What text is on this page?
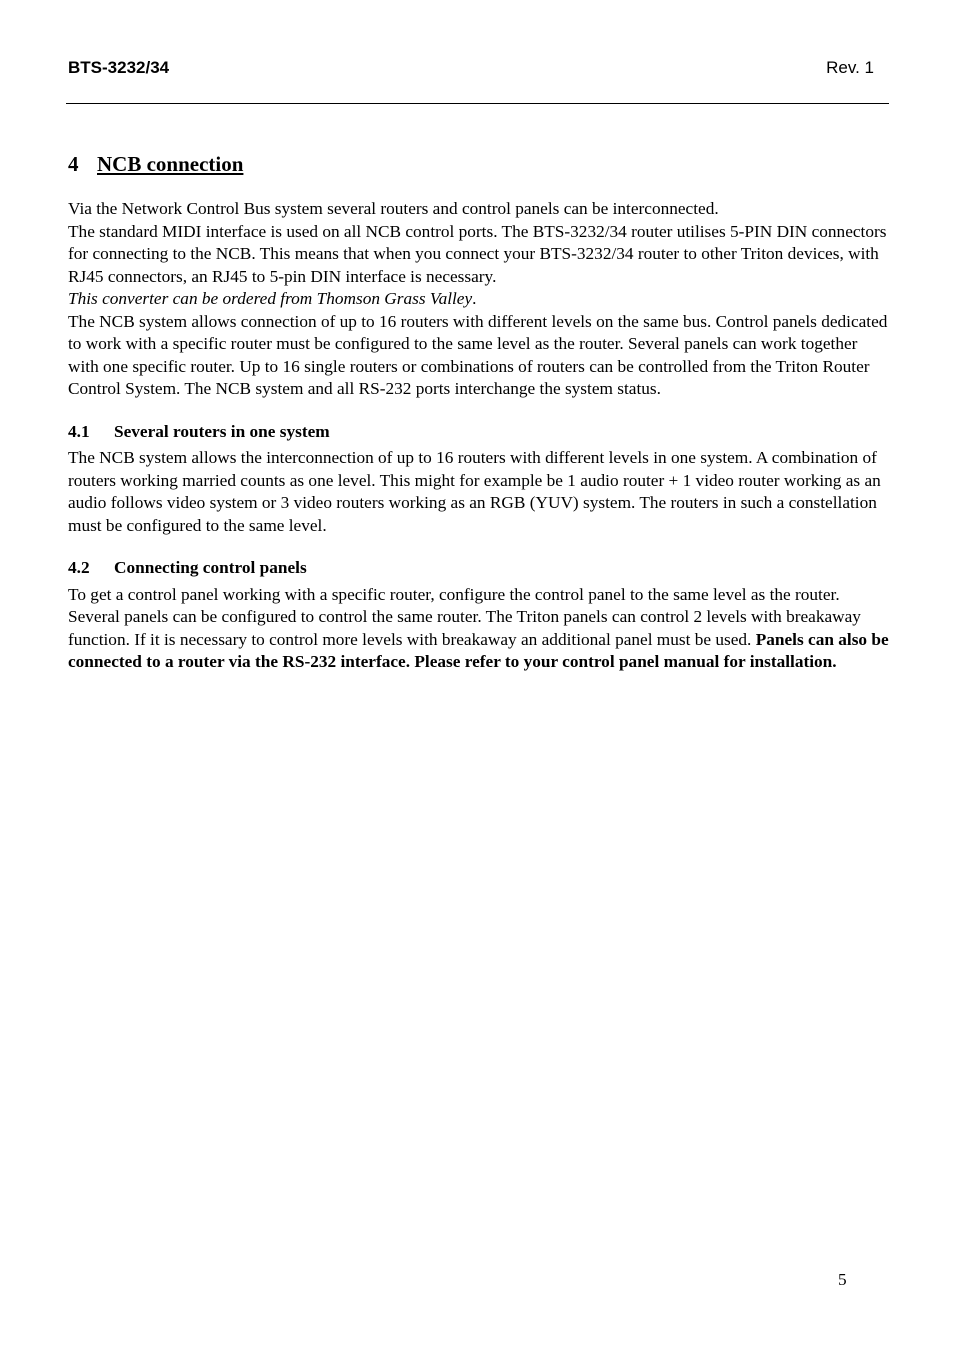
BTS-3232/34	Rev. 1
4 NCB connection

Via the Network Control Bus system several routers and control panels can be interconnected.
The standard MIDI interface is used on all NCB control ports. The BTS-3232/34 router utilises 5-PIN DIN connectors for connecting to the NCB. This means that when you connect your BTS-3232/34 router to other Triton devices, with RJ45 connectors, an RJ45 to 5-pin DIN interface is necessary.
This converter can be ordered from Thomson Grass Valley.
The NCB system allows connection of up to 16 routers with different levels on the same bus. Control panels dedicated to work with a specific router must be configured to the same level as the router. Several panels can work together with one specific router. Up to 16 single routers or combinations of routers can be controlled from the Triton Router Control System. The NCB system and all RS-232 ports interchange the system status.

4.1 Several routers in one system

The NCB system allows the interconnection of up to 16 routers with different levels in one system. A combination of routers working married counts as one level. This might for example be 1 audio router + 1 video router working as an audio follows video system or 3 video routers working as an RGB (YUV) system. The routers in such a constellation must be configured to the same level.

4.2 Connecting control panels

To get a control panel working with a specific router, configure the control panel to the same level as the router. Several panels can be configured to control the same router. The Triton panels can control 2 levels with breakaway function. If it is necessary to control more levels with breakaway an additional panel must be used. Panels can also be connected to a router via the RS-232 interface. Please refer to your control panel manual for installation.

5
